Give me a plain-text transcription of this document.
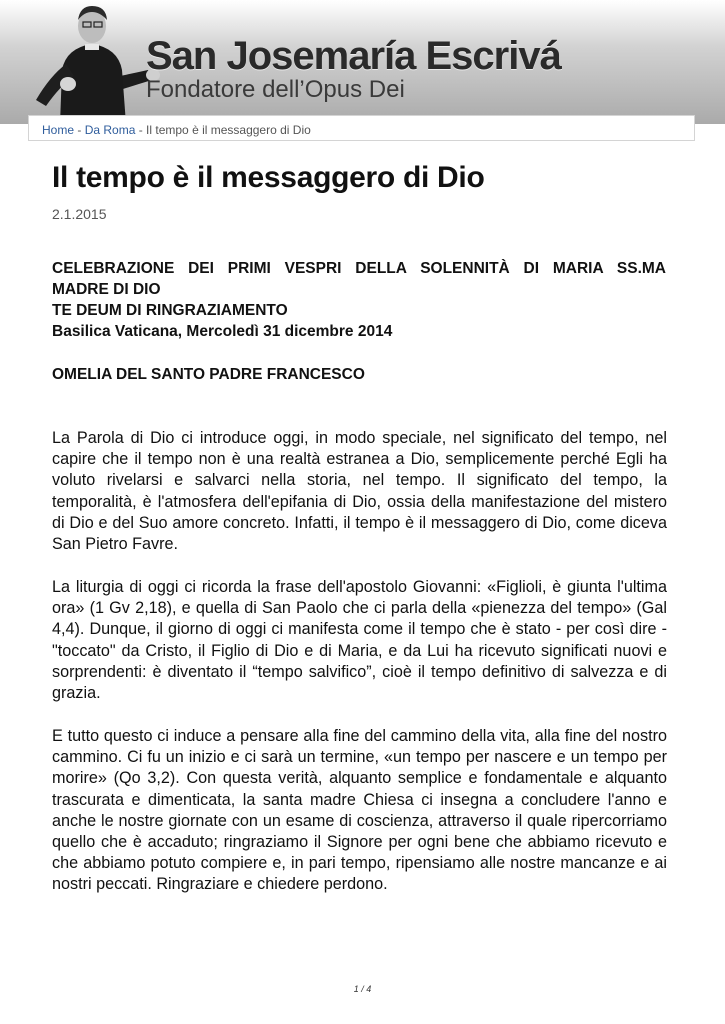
San Josemaría Escrivá
Fondatore dell’Opus Dei
Home - Da Roma - Il tempo è il messaggero di Dio
Il tempo è il messaggero di Dio
2.1.2015
CELEBRAZIONE DEI PRIMI VESPRI DELLA SOLENNITÀ DI MARIA SS.MA
MADRE DI DIO
TE DEUM DI RINGRAZIAMENTO
Basilica Vaticana, Mercoledì 31 dicembre 2014
OMELIA DEL SANTO PADRE FRANCESCO

La Parola di Dio ci introduce oggi, in modo speciale, nel significato del tempo, nel capire che il tempo non è una realtà estranea a Dio, semplicemente perché Egli ha voluto rivelarsi e salvarci nella storia, nel tempo. Il significato del tempo, la temporalità, è l'atmosfera dell'epifania di Dio, ossia della manifestazione del mistero di Dio e del Suo amore concreto. Infatti, il tempo è il messaggero di Dio, come diceva San Pietro Favre.

La liturgia di oggi ci ricorda la frase dell'apostolo Giovanni: «Figlioli, è giunta l'ultima ora» (1 Gv 2,18), e quella di San Paolo che ci parla della «pienezza del tempo» (Gal 4,4). Dunque, il giorno di oggi ci manifesta come il tempo che è stato - per così dire - "toccato" da Cristo, il Figlio di Dio e di Maria, e da Lui ha ricevuto significati nuovi e sorprendenti: è diventato il “tempo salvifico”, cioè il tempo definitivo di salvezza e di grazia.

E tutto questo ci induce a pensare alla fine del cammino della vita, alla fine del nostro cammino. Ci fu un inizio e ci sarà un termine, «un tempo per nascere e un tempo per morire» (Qo 3,2). Con questa verità, alquanto semplice e fondamentale e alquanto trascurata e dimenticata, la santa madre Chiesa ci insegna a concludere l'anno e anche le nostre giornate con un esame di coscienza, attraverso il quale ripercorriamo quello che è accaduto; ringraziamo il Signore per ogni bene che abbiamo ricevuto e che abbiamo potuto compiere e, in pari tempo, ripensiamo alle nostre mancanze e ai nostri peccati. Ringraziare e chiedere perdono.

1 / 4
